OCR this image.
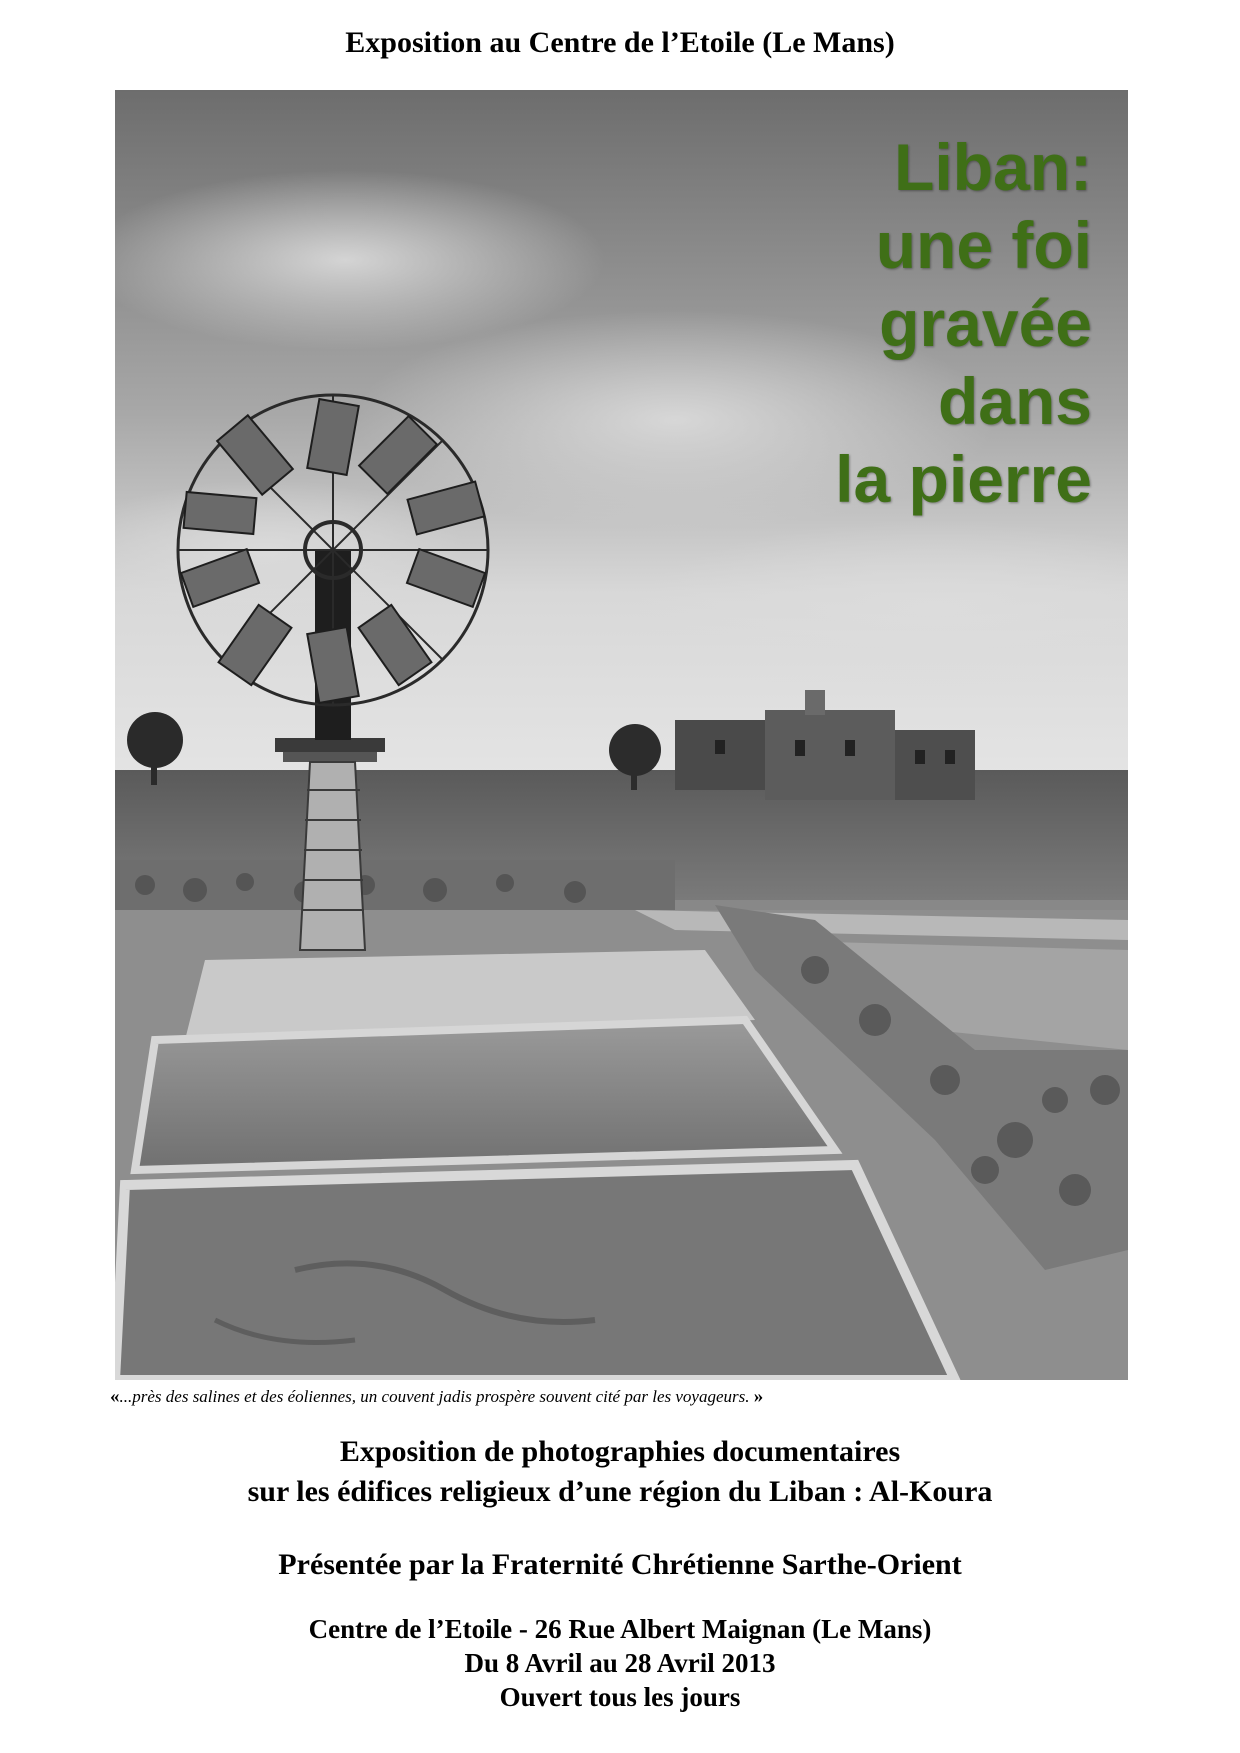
Exposition au Centre de l’Etoile (Le Mans)
Liban:
une foi
gravée
dans
la pierre
«...près des salines et des éoliennes, un couvent jadis prospère souvent cité par les voyageurs. »
Exposition de photographies documentaires
sur les édifices religieux d’une région du Liban : Al-Koura
Présentée par la Fraternité Chrétienne Sarthe-Orient
Centre de l’Etoile - 26 Rue Albert Maignan (Le Mans)
Du 8 Avril au 28 Avril 2013
Ouvert tous les jours
